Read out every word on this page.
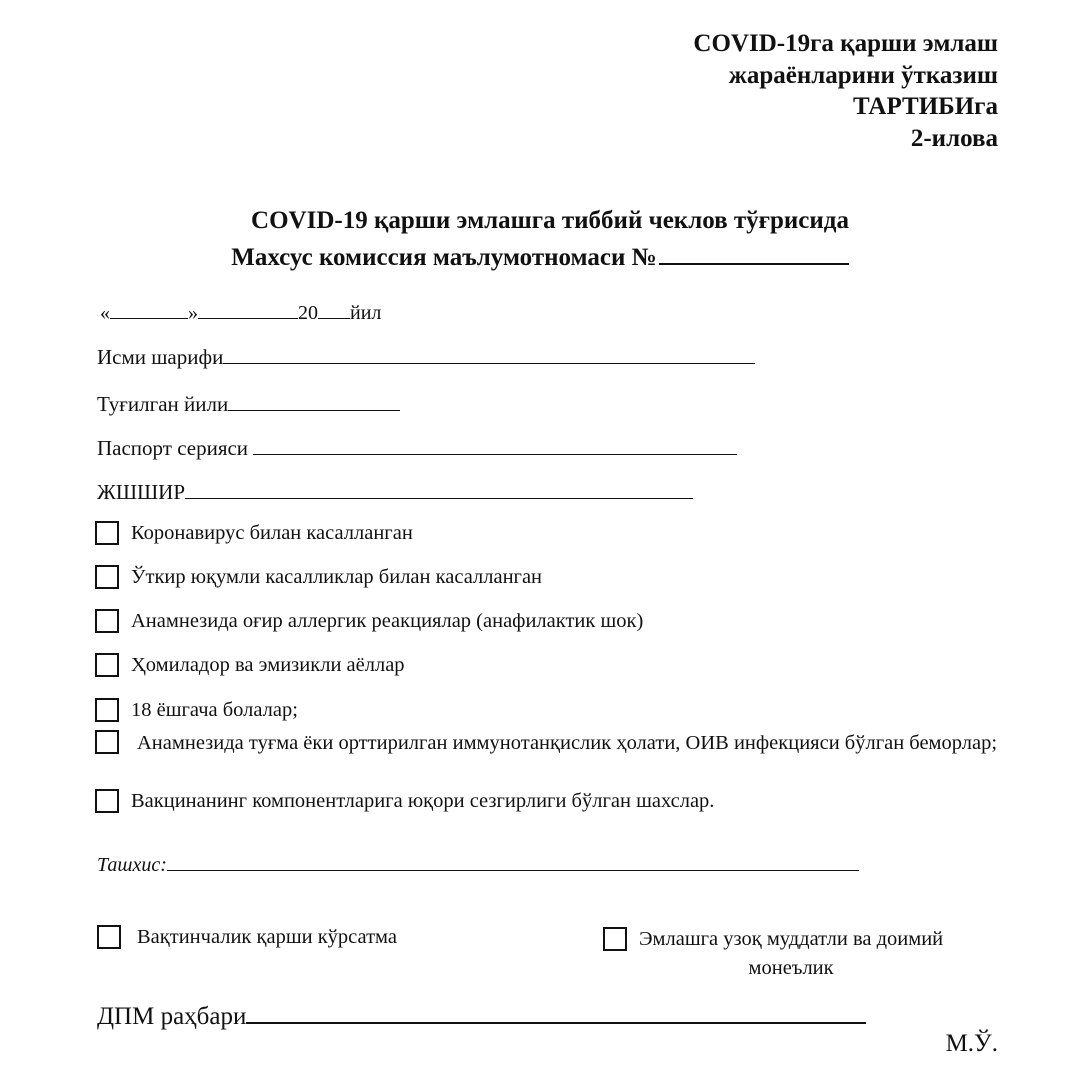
COVID-19га қарши эмлаш
жараёнларини ўтказиш
ТАРТИБИга
2-илова
COVID-19 қарши эмлашга тиббий чеклов тўғрисида
Махсус комиссия маълумотномаси №
«	»	20 йил
Исми шарифи
Туғилган йили
Паспорт серияси
ЖШШИР
Коронавирус билан касалланган
Ўткир юқумли касалликлар билан касалланган
Анамнезида оғир аллергик реакциялар (анафилактик шок)
Ҳомиладор ва эмизикли аёллар
18 ёшгача болалар;
Анамнезида туғма ёки орттирилган иммунотанқислик ҳолати, ОИВ инфекцияси бўлган беморлар;
Вакцинанинг компонентларига юқори сезгирлиги бўлган шахслар.
Ташхис:
Вақтинчалик қарши кўрсатма	Эмлашга узоқ муддатли ва доимий
монеълик
ДПМ раҳбари
М.Ў.
